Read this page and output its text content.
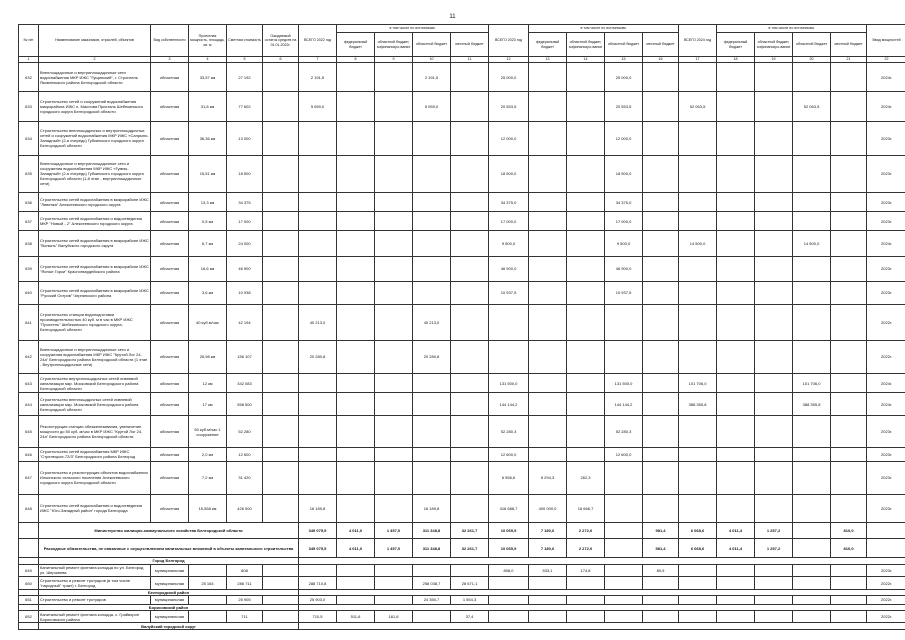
11
№ п/п	Наименование заказчиков, отраслей, объектов	Вид собственности	Проектная мощность, площадь, кв. м	Сметная стоимость	Ожидаемый остаток средств на 01.01.2022г.	ВСЕГО 2022 год	в том числе по источникам:				ВСЕГО 2023 год	в том числе по источникам:				ВСЕГО 2024 год	в том числе по источникам:				Ввод мощностей
							федеральный бюджет	областной бюджет, софинансиро-вание	областной бюджет	местный бюджет		федеральный бюджет	областной бюджет, софинансиро-вание	областной бюджет	местный бюджет		федеральный бюджет	областной бюджет, софинансиро-вание	областной бюджет	местный бюджет	
1	2	3	4	5	6	7	8	9	10	11	12	13	14	15	16	17	18	19	20	21	22
632	Внеплощадочные и внутриплощадочные сети водоснабжения МКР ИЖС "Гущинский", г. Строитель Яковлевского района Белгородской области	областная	33,57 км	27 192		2 191,5			2 191,5		25 000,0			25 000,0							2024г.
633	Строительство сетей и сооружений водоснабжения микрорайона ИЖС п. Маслова Пристань Шебекинского городского округа Белгородской области	областная	31,8 км	77 602		5 059,0			5 059,0		20 553,5			20 553,5		52 063,5			52 063,5		2024г.
634	Строительство внеплощадочных и внутриплощадочных сетей и сооружений водоснабжения МКР ИЖС «Сапрыно-Западный» (2-я очередь) Губкинского городского округа Белгородской области	областная	36,36 км	13 000							12 000,0			12 000,0							2023г.
635	Внеплощадочные и внутриплощадочные сети и сооружения водоснабжения МКР ИЖС «Гумны-Западный» (2-я очередь) Губкинского городского округа Белгородской области (1-й этап - внутриплощадочные сети)	областная	15,51 км	18 500							18 500,0			18 500,0							2023г.
636	Строительство сетей водоснабжения в микрорайоне ИЖС "Ливенка" Алексеевского городского округа	областная	13,3 км	34 375							34 375,0			34 375,0							2023г.
637	Строительство сетей водоснабжения и водоотведения МКР "Новый - 2" Алексеевского городского округа	областная	0,5 км	17 000							17 000,0			17 000,0							2023г.
638	Строительство сетей водоснабжения в микрорайоне ИЖС "Волынь" Валуйского городского округа	областная	6,7 км	24 000							9 500,0			9 500,0		14 500,0			14 500,0		2024г.
639	Строительство сетей водоснабжения в микрорайоне ИЖС "Ясные Горки" Красногвардейского района	областная	16,6 км	46 900							46 900,0			46 900,0							2023г.
640	Строительство сетей водоснабжения в микрорайоне ИЖС "Русский Остров" Чернянского района	областная	3,6 км	10 938							10 937,5			10 937,5							2023г.
641	Строительство станции водоподготовки производительностью 40 куб. м в час в МКР ИЖС "Пристень" Шебекинского городского округа, Белгородской области	областная	40 куб.м/час	42 194		40 213,0			40 213,0												2022г.
642	Внеплощадочные и внутриплощадочные сети и сооружения водоснабжения МКР ИЖС "Крутой Лог 24, 24а" Белгородского района Белгородской области (1 этап - Внутриплощадочные сети)	областная	26,98 км	156 107		20 280,8			20 280,8												2022г.
643	Строительство внутриплощадочных сетей ливневой канализации мкр. Московский Белгородского района Белгородской области	областная	12 км	342 083							131 500,0			131 500,0		101 706,0			101 706,0		2024г.
644	Строительство внеплощадочных сетей ливневой канализации мкр. Московский Белгородского района Белгородской области	областная	17 км	558 500							144 144,2			144 144,2		388 355,8			388 355,8		2024г.
645	Реконструкция станции обезжелезивания, увеличение мощности до 50 куб. м/час в МКР ИЖС "Крутой Лог 24, 24а" Белгородского района Белгородской области	областная	50 куб.м/час 1 сооружение	52 280							52 280,3			52 280,3							2023г.
646	Строительство сетей водоснабжения МКР ИЖС "Стрелецкое-72/3" Белгородского района Белгород	областная	2,0 км	12 600							12 600,0			12 600,0							2023г.
647	Строительство и реконструкция объектов водоснабжения Ильинского сельского поселения Алексеевского городского округа Белгородской области	областная	7,2 км	31 420							6 556,6	6 294,3	262,3								2023г.
648	Строительство сетей водоснабжения и водоотведения ИЖС "Юго-Западный район" города Белгорода	областная	15,558 км	426 000		16 189,8			16 189,8		416 688,7	400 000,0	16 666,7								2023г.
	Министерство жилищно-коммунального хозяйства Белгородской области					349 075,5	4 011,0	1 457,0	311 348,8	32 261,7	10 065,9	7 180,6	2 272,0		981,4	6 068,6	4 011,4	1 257,2		810,0	
	Расходные обязательства, не связанные с осуществлением капитальных вложений в объекты капитального строительства					349 075,5	4 011,0	1 457,0	311 348,8	32 261,7	10 065,9	7 180,6	2 272,0		581,4	6 068,6	4 011,4	1 257,2		810,0	
	Город Белгород																				
649	Капитальный ремонт фонтана колодца по ул. Белгород ул. Шершнева	муниципальная		808							808,0	533,1	174,8		80,9						2023г.
650	Строительство и ремонт тротуаров (в том числе "народный" тракт) г. Белгород	муниципальная	25 164	286 711		288 710,8			258 038,7	28 671,1											2022г.
	Белгородский район																				
651	Строительство и ремонт тротуаров	муниципальная		25 905		25 903,0			24 350,7	1 554,3											2022г.
	Борисовский район																				
652	Капитальный ремонт фонтана колодца, с. Грайворон Борисовского района	муниципальная		711		710,5	511,6	161,6		37,4											2022г.
	Валуйский городской округ																				
